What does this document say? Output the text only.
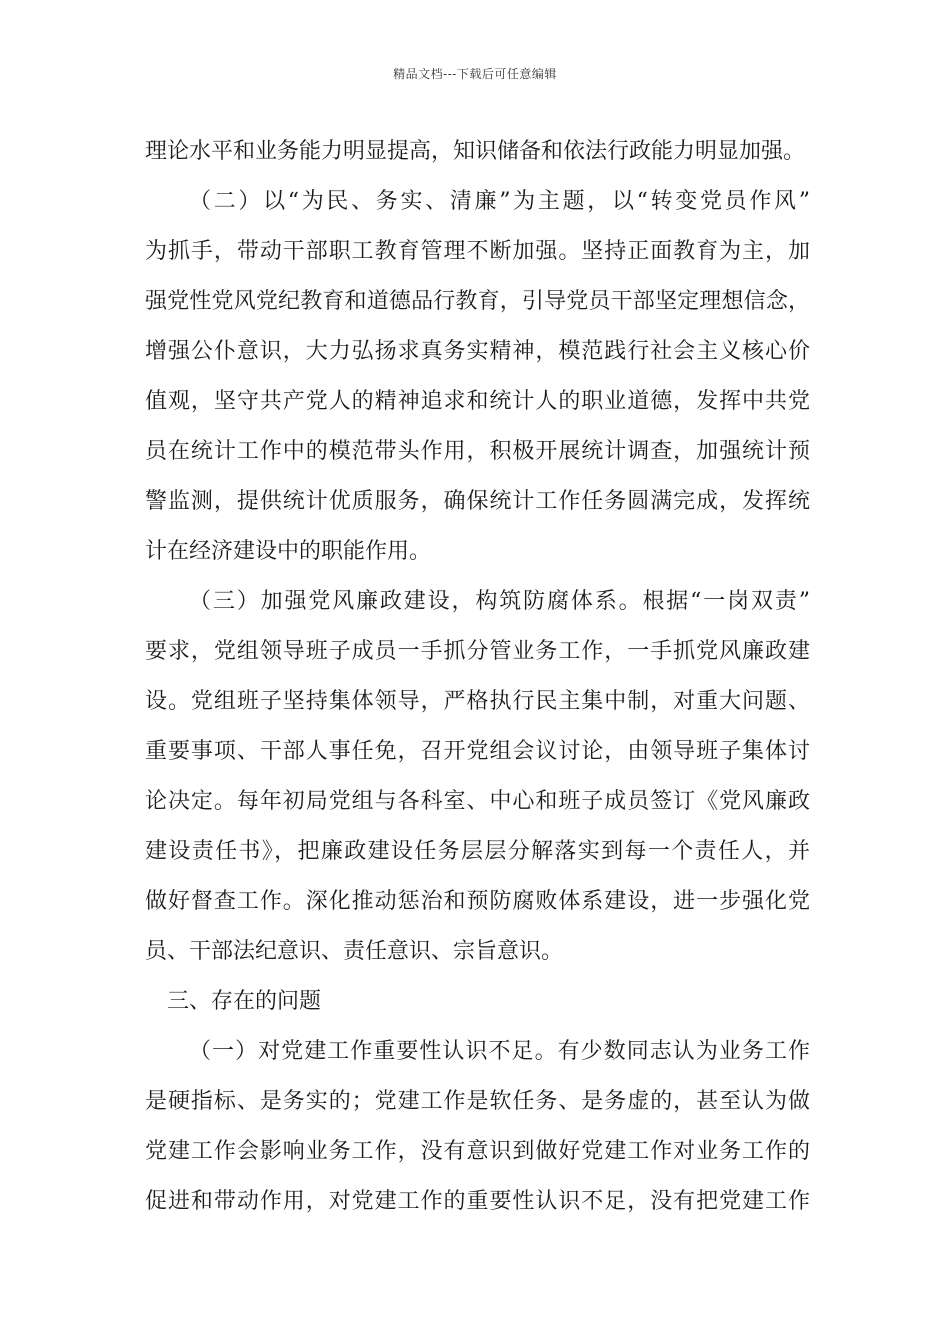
精品文档---下载后可任意编辑
理论水平和业务能力明显提高，知识储备和依法行政能力明显加强。
（二）以“为民、务实、清廉”为主题，以“转变党员作风”
为抓手，带动干部职工教育管理不断加强。坚持正面教育为主，加
强党性党风党纪教育和道德品行教育，引导党员干部坚定理想信念，
增强公仆意识，大力弘扬求真务实精神，模范践行社会主义核心价
值观，坚守共产党人的精神追求和统计人的职业道德，发挥中共党
员在统计工作中的模范带头作用，积极开展统计调查，加强统计预
警监测，提供统计优质服务，确保统计工作任务圆满完成，发挥统
计在经济建设中的职能作用。
（三）加强党风廉政建设，构筑防腐体系。根据“一岗双责”
要求，党组领导班子成员一手抓分管业务工作，一手抓党风廉政建
设。党组班子坚持集体领导，严格执行民主集中制，对重大问题、
重要事项、干部人事任免，召开党组会议讨论，由领导班子集体讨
论决定。每年初局党组与各科室、中心和班子成员签订《党风廉政
建设责任书》，把廉政建设任务层层分解落实到每一个责任人，并
做好督查工作。深化推动惩治和预防腐败体系建设，进一步强化党
员、干部法纪意识、责任意识、宗旨意识。
三、存在的问题
（一）对党建工作重要性认识不足。有少数同志认为业务工作
是硬指标、是务实的；党建工作是软任务、是务虚的，甚至认为做
党建工作会影响业务工作，没有意识到做好党建工作对业务工作的
促进和带动作用，对党建工作的重要性认识不足，没有把党建工作
